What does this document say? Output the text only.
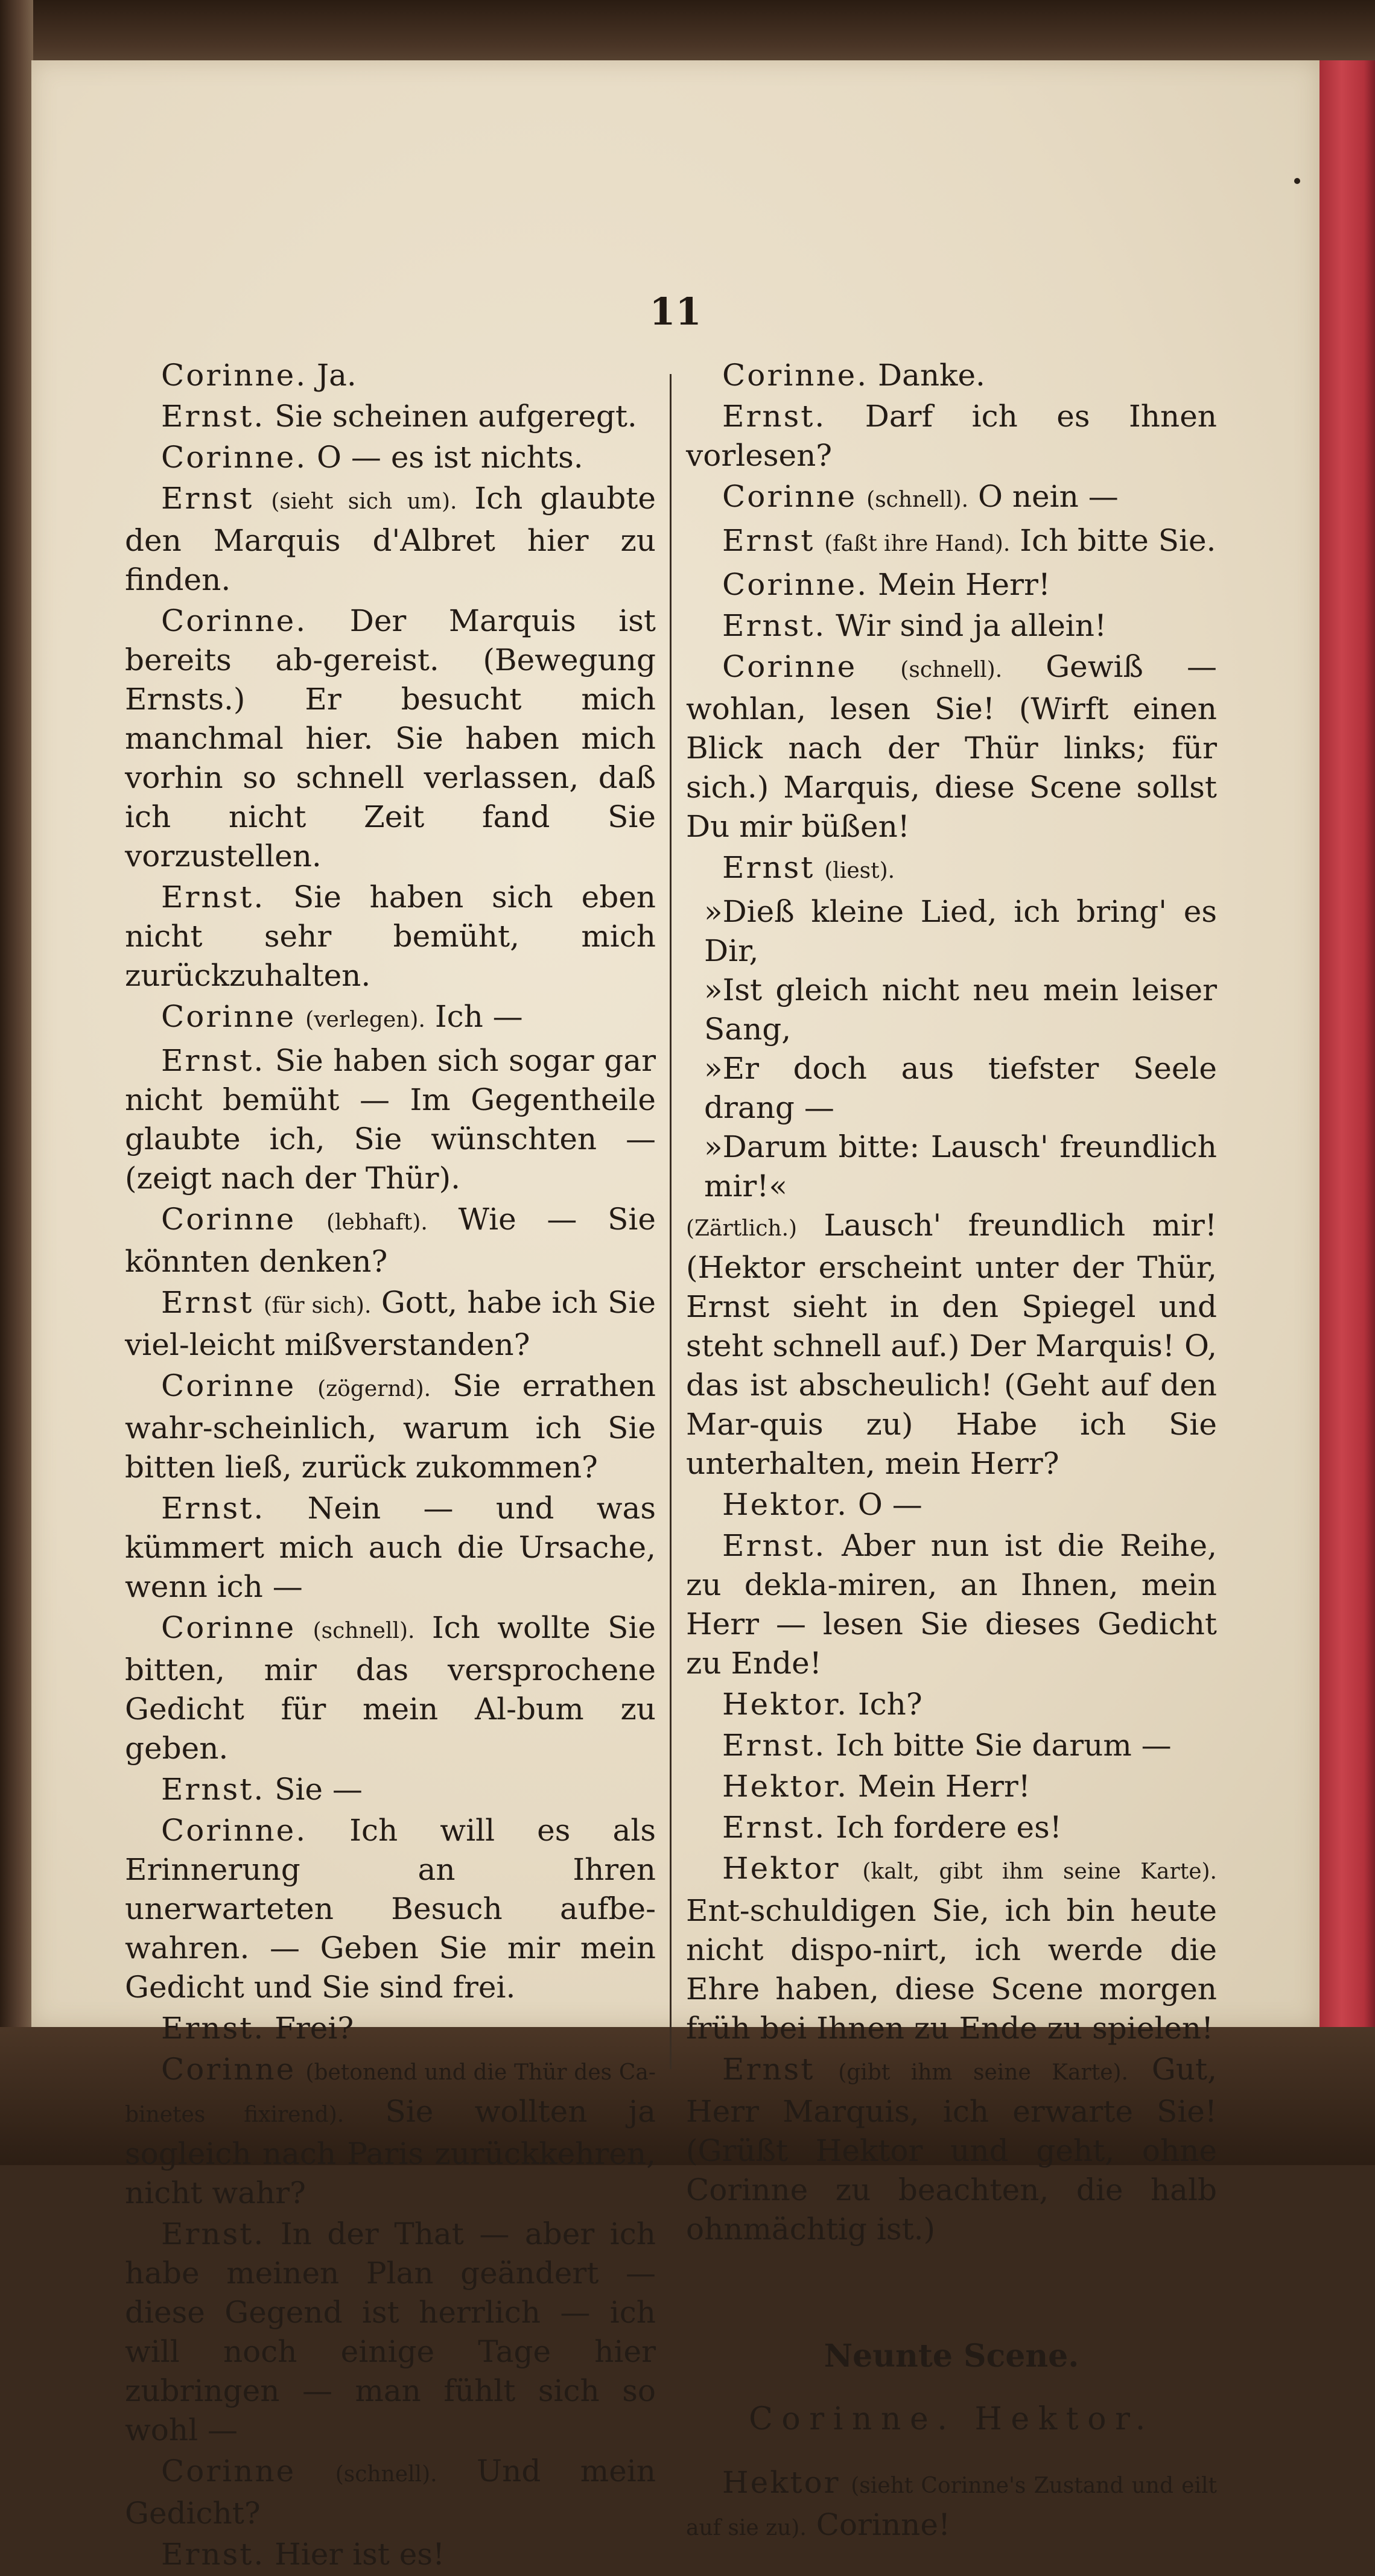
11

Corinne. Ja.

Ernst. Sie scheinen aufgeregt.

Corinne. O — es ist nichts.

Ernst (sieht sich um). Ich glaubte den Marquis d'Albret hier zu finden.

Corinne. Der Marquis ist bereits ab-gereist. (Bewegung Ernsts.) Er besucht mich manchmal hier. Sie haben mich vorhin so schnell verlassen, daß ich nicht Zeit fand Sie vorzustellen.

Ernst. Sie haben sich eben nicht sehr bemüht, mich zurückzuhalten.

Corinne (verlegen). Ich —

Ernst. Sie haben sich sogar gar nicht bemüht — Im Gegentheile glaubte ich, Sie wünschten — (zeigt nach der Thür).

Corinne (lebhaft). Wie — Sie könnten denken?

Ernst (für sich). Gott, habe ich Sie viel-leicht mißverstanden?

Corinne (zögernd). Sie errathen wahr-scheinlich, warum ich Sie bitten ließ, zurück zukommen?

Ernst. Nein — und was kümmert mich auch die Ursache, wenn ich —

Corinne (schnell). Ich wollte Sie bitten, mir das versprochene Gedicht für mein Al-bum zu geben.

Ernst. Sie —

Corinne. Ich will es als Erinnerung an Ihren unerwarteten Besuch aufbe-wahren. — Geben Sie mir mein Gedicht und Sie sind frei.

Ernst. Frei?

Corinne (betonend und die Thür des Ca-binetes fixirend). Sie wollten ja sogleich nach Paris zurückkehren, nicht wahr?

Ernst. In der That — aber ich habe meinen Plan geändert — diese Gegend ist herrlich — ich will noch einige Tage hier zubringen — man fühlt sich so wohl —

Corinne (schnell). Und mein Gedicht?

Ernst. Hier ist es!

Corinne. Danke.

Ernst. Darf ich es Ihnen vorlesen?

Corinne (schnell). O nein —

Ernst (faßt ihre Hand). Ich bitte Sie.

Corinne. Mein Herr!

Ernst. Wir sind ja allein!

Corinne (schnell). Gewiß — wohlan, lesen Sie! (Wirft einen Blick nach der Thür links; für sich.) Marquis, diese Scene sollst Du mir büßen!

Ernst (liest).

»Dieß kleine Lied, ich bring' es Dir,

»Ist gleich nicht neu mein leiser Sang,

»Er doch aus tiefster Seele drang —

»Darum bitte: Lausch' freundlich mir!«

(Zärtlich.) Lausch' freundlich mir! (Hektor erscheint unter der Thür, Ernst sieht in den Spiegel und steht schnell auf.) Der Marquis! O, das ist abscheulich! (Geht auf den Mar-quis zu) Habe ich Sie unterhalten, mein Herr?

Hektor. O —

Ernst. Aber nun ist die Reihe, zu dekla-miren, an Ihnen, mein Herr — lesen Sie dieses Gedicht zu Ende!

Hektor. Ich?

Ernst. Ich bitte Sie darum —

Hektor. Mein Herr!

Ernst. Ich fordere es!

Hektor (kalt, gibt ihm seine Karte). Ent-schuldigen Sie, ich bin heute nicht dispo-nirt, ich werde die Ehre haben, diese Scene morgen früh bei Ihnen zu Ende zu spielen!

Ernst (gibt ihm seine Karte). Gut, Herr Marquis, ich erwarte Sie! (Grüßt Hektor und geht, ohne Corinne zu beachten, die halb ohnmächtig ist.)

Neunte Scene.

Corinne. Hektor.

Hektor (sieht Corinne's Zustand und eilt auf sie zu). Corinne!
